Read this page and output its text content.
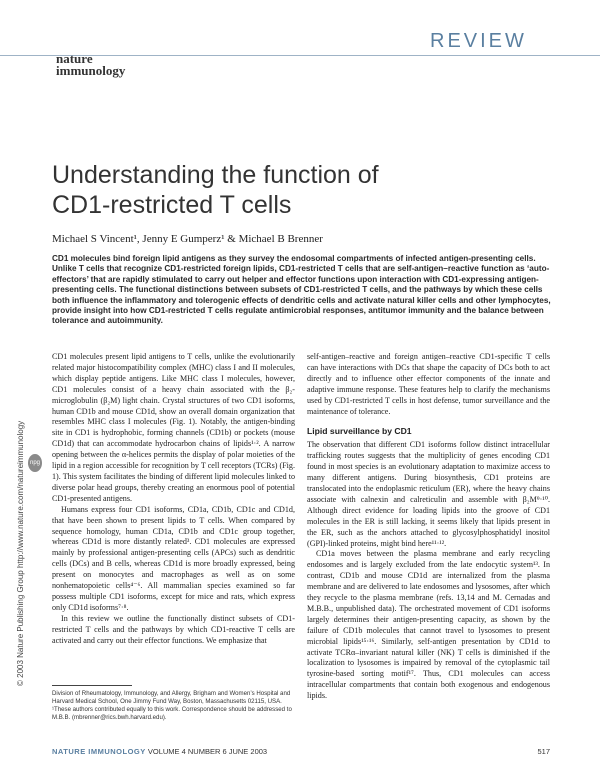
REVIEW
nature
immunology
© 2003 Nature Publishing Group http://www.nature.com/natureimmunology npg
Understanding the function of
CD1-restricted T cells
Michael S Vincent¹, Jenny E Gumperz¹ & Michael B Brenner
CD1 molecules bind foreign lipid antigens as they survey the endosomal compartments of infected antigen-presenting cells. Unlike T cells that recognize CD1-restricted foreign lipids, CD1-restricted T cells that are self-antigen–reactive function as ‘auto-effectors’ that are rapidly stimulated to carry out helper and effector functions upon interaction with CD1-expressing antigen-presenting cells. The functional distinctions between subsets of CD1-restricted T cells, and the pathways by which these cells both influence the inflammatory and tolerogenic effects of dendritic cells and activate natural killer cells and other lymphocytes, provide insight into how CD1-restricted T cells regulate antimicrobial responses, antitumor immunity and the balance between tolerance and autoimmunity.

CD1 molecules present lipid antigens to T cells, unlike the evolutionarily related major histocompatibility complex (MHC) class I and II molecules, which display peptide antigens. Like MHC class I molecules, however, CD1 molecules consist of a heavy chain associated with the β₂-microglobulin (β₂M) light chain. Crystal structures of two CD1 isoforms, human CD1b and mouse CD1d, show an overall domain organization that resembles MHC class I molecules (Fig. 1). Notably, the antigen-binding site in CD1 is hydrophobic, forming channels (CD1b) or pockets (mouse CD1d) that can accommodate hydrocarbon chains of lipids¹·². A narrow opening between the α-helices permits the display of polar moieties of the lipid in a region accessible for recognition by T cell receptors (TCRs) (Fig. 1). This system facilitates the binding of different lipid molecules linked to diverse polar head groups, thereby creating an enormous pool of potential CD1-presented antigens.

Humans express four CD1 isoforms, CD1a, CD1b, CD1c and CD1d, that have been shown to present lipids to T cells. When compared by sequence homology, human CD1a, CD1b and CD1c group together, whereas CD1d is more distantly related³. CD1 molecules are expressed mainly by professional antigen-presenting cells (APCs) such as dendritic cells (DCs) and B cells, whereas CD1d is more broadly expressed, being present on monocytes and macrophages as well as on some nonhematopoietic cells⁴⁻⁶. All mammalian species examined so far possess multiple CD1 isoforms, except for mice and rats, which express only CD1d isoforms⁷·⁸.

In this review we outline the functionally distinct subsets of CD1-restricted T cells and the pathways by which CD1-reactive T cells are activated and carry out their effector functions. We emphasize that

self-antigen–reactive and foreign antigen–reactive CD1-specific T cells can have interactions with DCs that shape the capacity of DCs both to act directly and to influence other effector components of the innate and adaptive immune response. These features help to clarify the mechanisms used by CD1-restricted T cells in host defense, tumor surveillance and the maintenance of tolerance.

Lipid surveillance by CD1

The observation that different CD1 isoforms follow distinct intracellular trafficking routes suggests that the multiplicity of genes encoding CD1 found in most species is an evolutionary adaptation to maximize access to many different antigens. During biosynthesis, CD1 proteins are translocated into the endoplasmic reticulum (ER), where the heavy chains associate with calnexin and calreticulin and assemble with β₂M⁹·¹⁰. Although direct evidence for loading lipids into the groove of CD1 molecules in the ER is still lacking, it seems likely that lipids present in the ER, such as the anchors attached to glycosylphosphatidyl inositol (GPI)-linked proteins, might bind here¹¹·¹².

CD1a moves between the plasma membrane and early recycling endosomes and is largely excluded from the late endocytic system¹³. In contrast, CD1b and mouse CD1d are internalized from the plasma membrane and are delivered to late endosomes and lysosomes, after which they recycle to the plasma membrane (refs. 13,14 and M. Cernadas and M.B.B., unpublished data). The orchestrated movement of CD1 isoforms largely determines their antigen-presenting capacity, as shown by the failure of CD1b molecules that cannot travel to lysosomes to present microbial lipids¹⁵·¹⁶. Similarly, self-antigen presentation by CD1d to activate TCRα–invariant natural killer (NK) T cells is diminished if the localization to lysosomes is impaired by removal of the cytoplasmic tail tyrosine-based sorting motif¹⁷. Thus, CD1 molecules can access intracellular compartments that contain both exogenous and endogenous lipids.

Division of Rheumatology, Immunology, and Allergy, Brigham and Women’s Hospital and Harvard Medical School, One Jimmy Fund Way, Boston, Massachusetts 02115, USA. ¹These authors contributed equally to this work. Correspondence should be addressed to M.B.B. (mbrenner@rics.bwh.harvard.edu).
NATURE IMMUNOLOGY VOLUME 4 NUMBER 6 JUNE 2003	517
